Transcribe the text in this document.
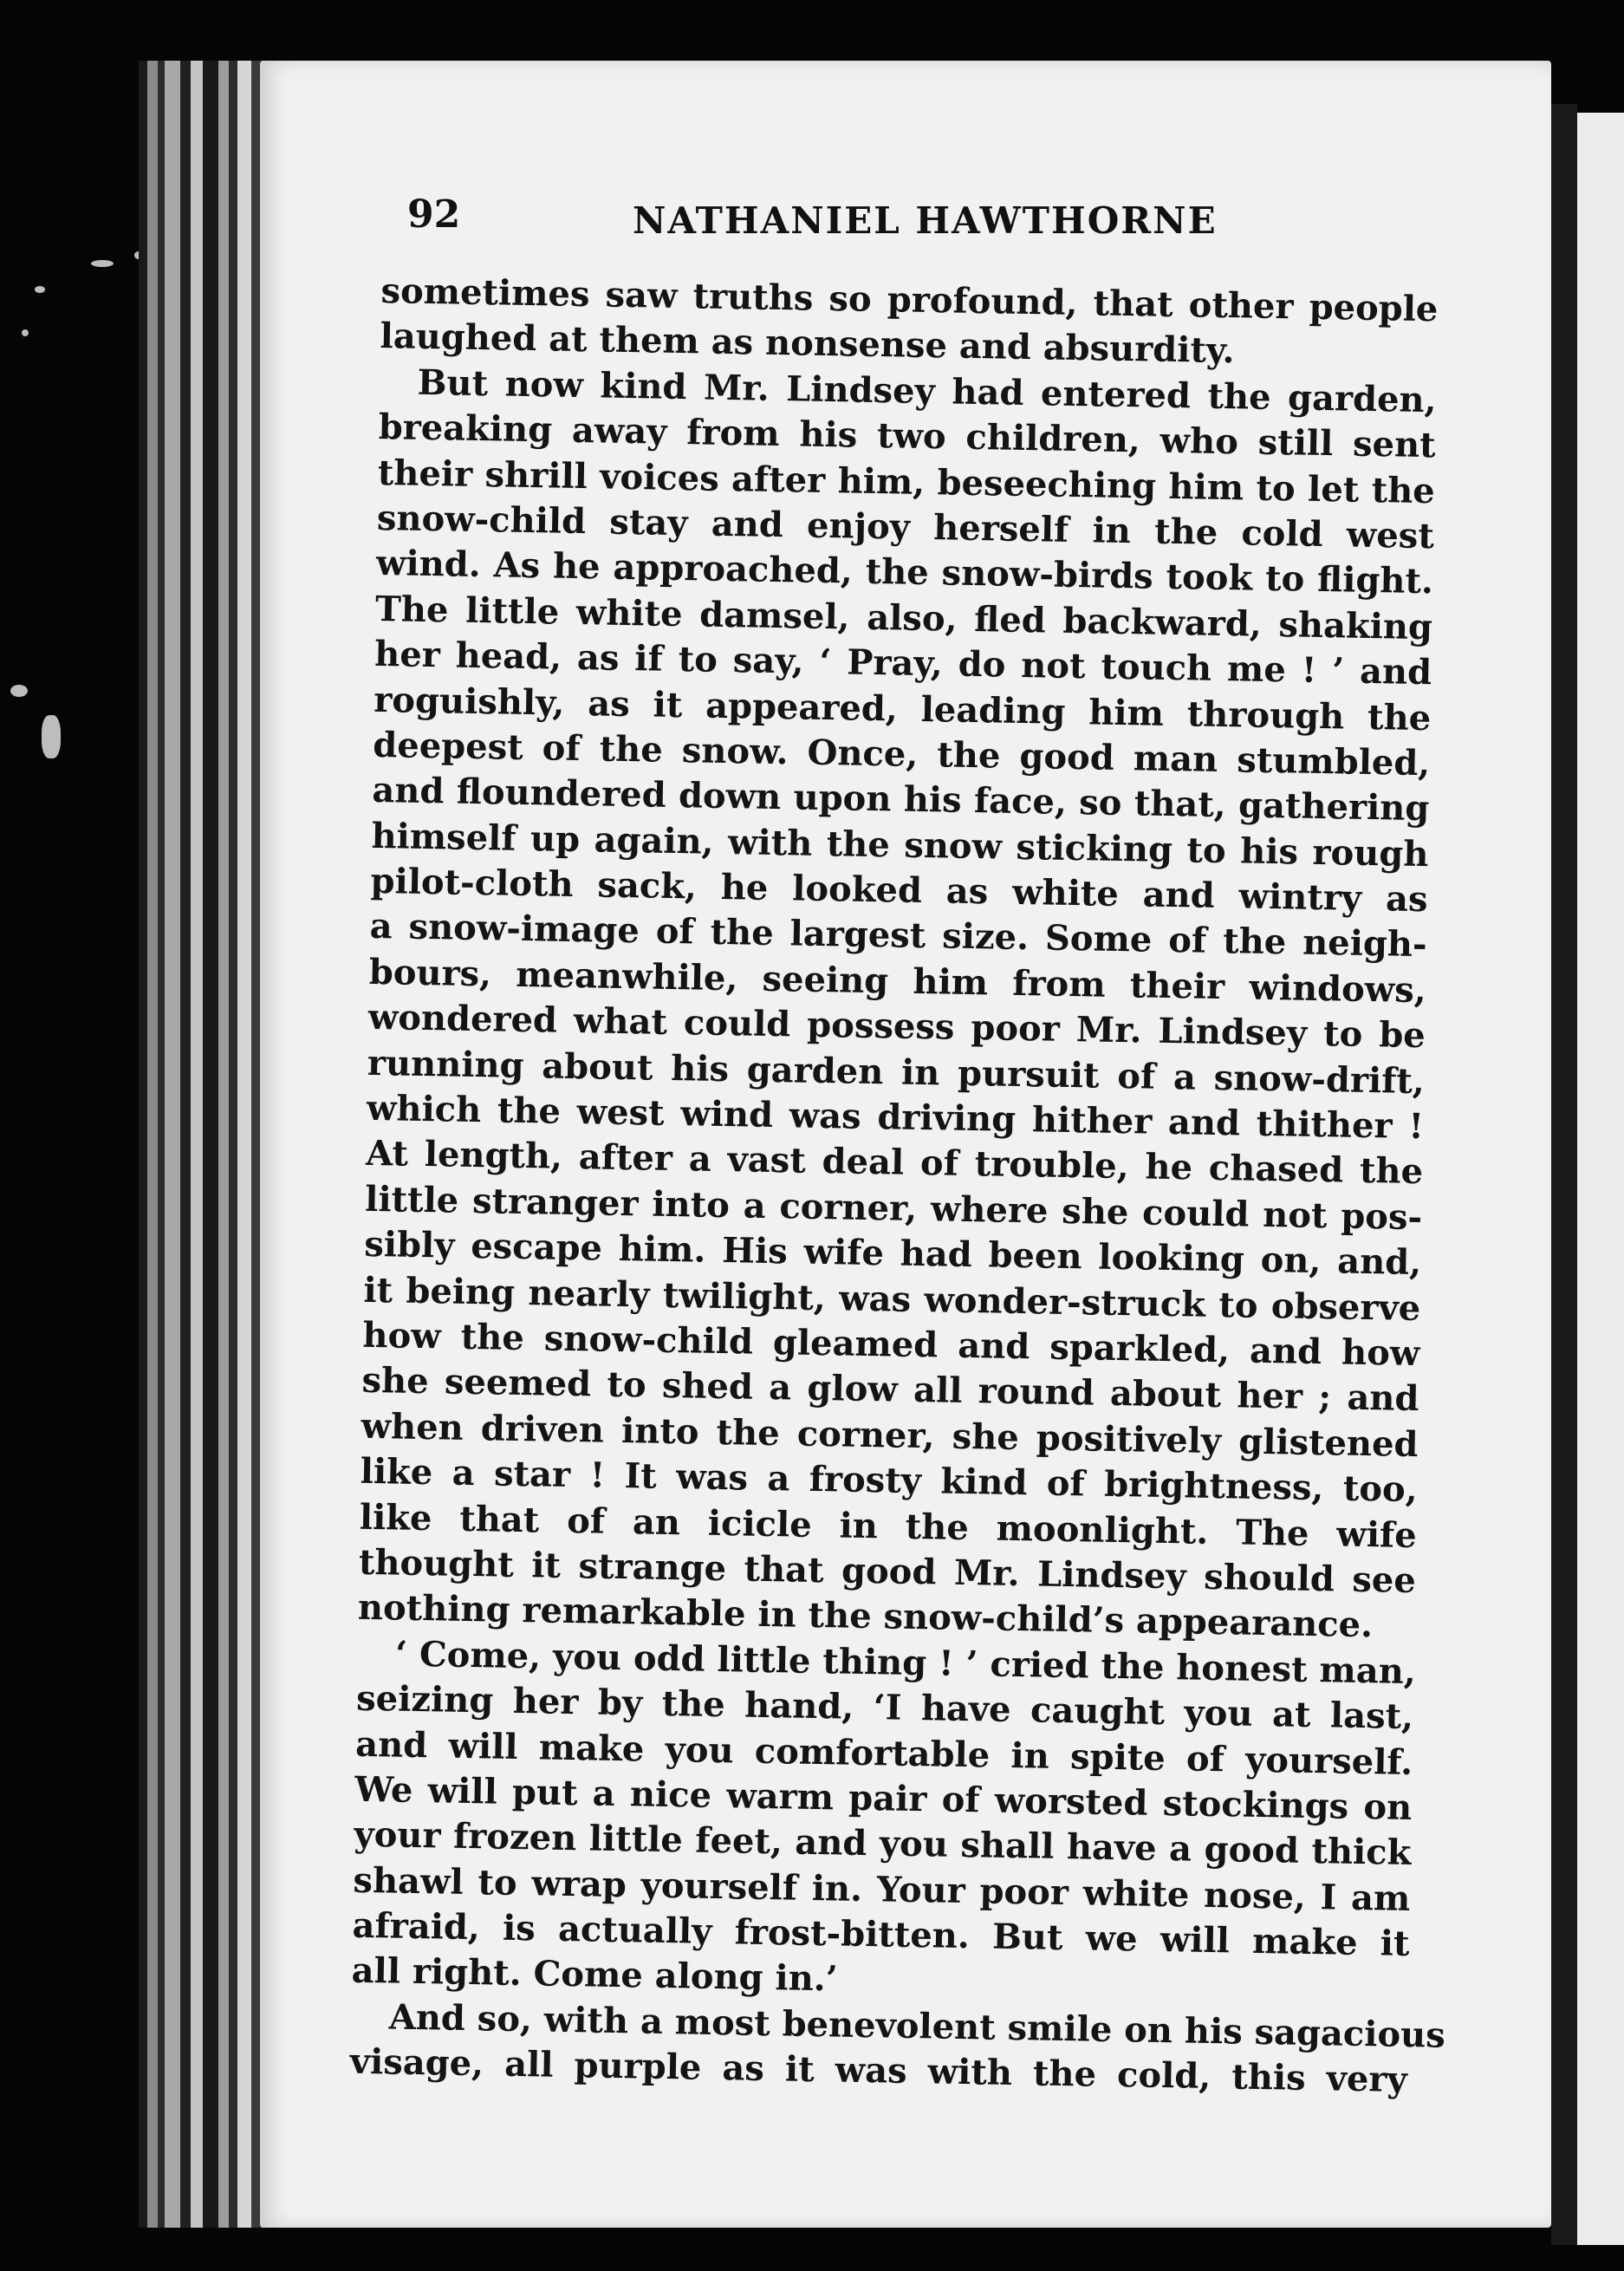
92	NATHANIEL HAWTHORNE
sometimes saw truths so profound, that other people
laughed at them as nonsense and absurdity.
But now kind Mr. Lindsey had entered the garden,
breaking away from his two children, who still sent
their shrill voices after him, beseeching him to let the
snow-child stay and enjoy herself in the cold west
wind. As he approached, the snow-birds took to flight.
The little white damsel, also, fled backward, shaking
her head, as if to say, ‘ Pray, do not touch me ! ’ and
roguishly, as it appeared, leading him through the
deepest of the snow. Once, the good man stumbled,
and floundered down upon his face, so that, gathering
himself up again, with the snow sticking to his rough
pilot-cloth sack, he looked as white and wintry as
a snow-image of the largest size. Some of the neigh-
bours, meanwhile, seeing him from their windows,
wondered what could possess poor Mr. Lindsey to be
running about his garden in pursuit of a snow-drift,
which the west wind was driving hither and thither !
At length, after a vast deal of trouble, he chased the
little stranger into a corner, where she could not pos-
sibly escape him. His wife had been looking on, and,
it being nearly twilight, was wonder-struck to observe
how the snow-child gleamed and sparkled, and how
she seemed to shed a glow all round about her ; and
when driven into the corner, she positively glistened
like a star ! It was a frosty kind of brightness, too,
like that of an icicle in the moonlight. The wife
thought it strange that good Mr. Lindsey should see
nothing remarkable in the snow-child’s appearance.
‘ Come, you odd little thing ! ’ cried the honest man,
seizing her by the hand, ‘I have caught you at last,
and will make you comfortable in spite of yourself.
We will put a nice warm pair of worsted stockings on
your frozen little feet, and you shall have a good thick
shawl to wrap yourself in. Your poor white nose, I am
afraid, is actually frost-bitten. But we will make it
all right. Come along in.’
And so, with a most benevolent smile on his sagacious
visage, all purple as it was with the cold, this very
